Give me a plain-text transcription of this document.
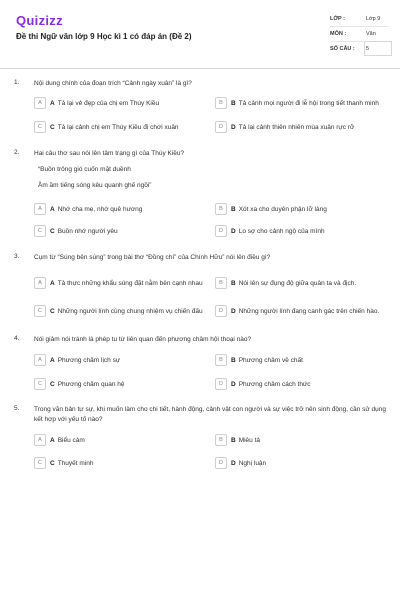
Quizizz
Đề thi Ngữ văn lớp 9 Học kì 1 có đáp án (Đề 2)
LỚP :	Lớp 9
MÔN :	Văn
SỐ CÂU : 5
1. Nội dung chính của đoạn trích “Cảnh ngày xuân” là gì?
A	A Tả lại vẻ đẹp của chị em Thúy Kiều	B	B Tả cảnh mọi người đi lễ hội trong tiết thanh minh
C	C Tả lại cảnh chị em Thúy Kiều đi chơi xuân	D	D Tả lại cảnh thiên nhiên mùa xuân rực rỡ
2. Hai câu thơ sau nói lên tâm trạng gì của Thúy Kiều?
“Buồn trông gió cuốn mặt duềnh
Ầm ầm tiếng sóng kêu quanh ghế ngồi”
A	A Nhớ cha mẹ, nhớ quê hương	B	B Xót xa cho duyên phận lỡ làng
C	C Buồn nhớ người yêu	D	D Lo sợ cho cảnh ngộ của mình
3. Cụm từ “Súng bên súng” trong bài thơ “Đồng chí” của Chính Hữu” nói lên điều gì?
A	A Tả thực những khẩu súng đặt nằm bên cạnh nhau	B	B Nói lên sự đụng độ giữa quân ta và địch.
C	C Những người lính cùng chung nhiệm vụ chiến đấu	D	D Những người lính đang canh gác trên chiến hào.
4. Nói giảm nói tránh là phép tu từ liên quan đến phương châm hội thoại nào?
A	A Phương châm lịch sự	B	B Phương châm về chất
C	C Phương châm quan hệ	D	D Phương châm cách thức
5. Trong văn bản tự sự, khi muốn làm cho chi tiết, hành động, cảnh vật con người và sự việc trở nên sinh động, cần sử dụng kết hợp với yếu tố nào?
A	A Biểu cảm	B	B Miêu tả
C	C Thuyết minh	D	D Nghị luận
